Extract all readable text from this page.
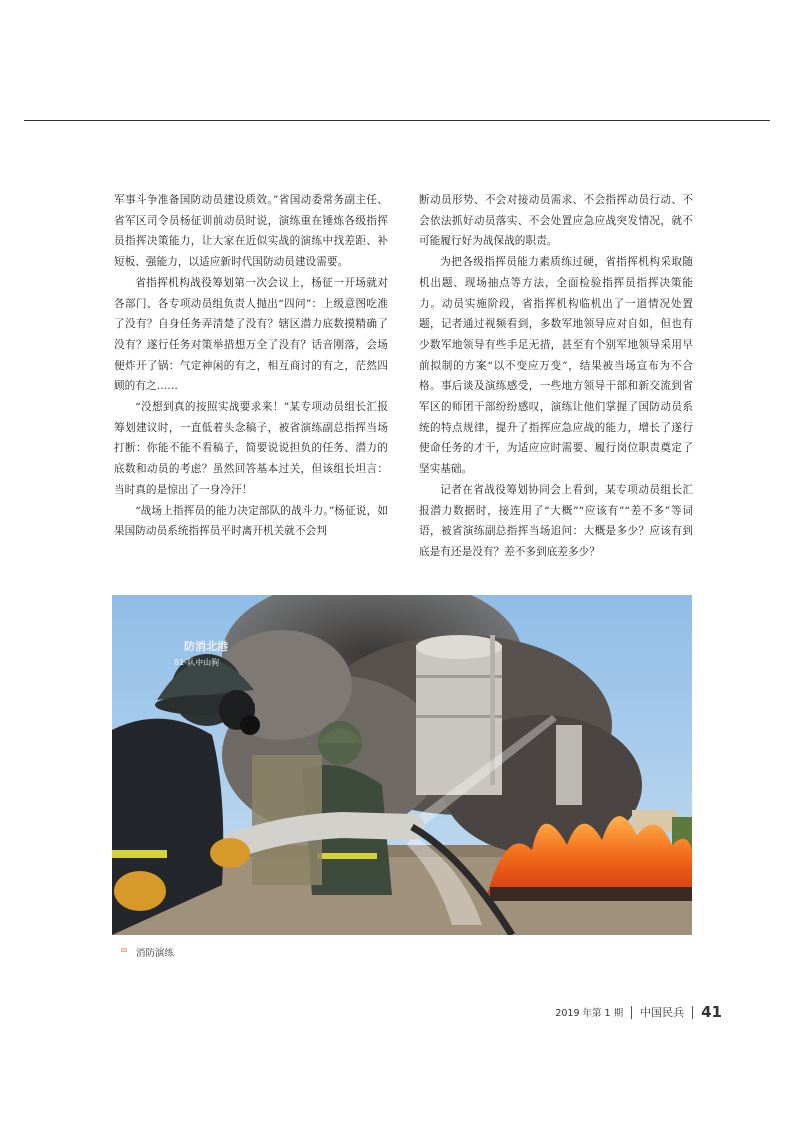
军事斗争准备国防动员建设质效。”省国动委常务副主任、省军区司令员杨征训前动员时说，演练重在锤炼各级指挥员指挥决策能力，让大家在近似实战的演练中找差距、补短板、强能力，以适应新时代国防动员建设需要。

省指挥机构战役筹划第一次会议上，杨征一开场就对各部门、各专项动员组负责人抛出“四问”：上级意图吃准了没有？自身任务弄清楚了没有？辖区潜力底数摸精确了没有？遂行任务对策举措想万全了没有？话音刚落，会场便炸开了锅：气定神闲的有之，相互商讨的有之，茫然四顾的有之……

“没想到真的按照实战要求来！”某专项动员组长汇报筹划建议时，一直低着头念稿子，被省演练副总指挥当场打断：你能不能不看稿子，简要说说担负的任务、潜力的底数和动员的考虑？虽然回答基本过关，但该组长坦言：当时真的是惊出了一身冷汗！

“战场上指挥员的能力决定部队的战斗力。”杨征说，如果国防动员系统指挥员平时离开机关就不会判

断动员形势、不会对接动员需求、不会指挥动员行动、不会依法抓好动员落实、不会处置应急应战突发情况，就不可能履行好为战保战的职责。

为把各级指挥员能力素质练过硬，省指挥机构采取随机出题、现场抽点等方法，全面检验指挥员指挥决策能力。动员实施阶段，省指挥机构临机出了一道情况处置题，记者通过视频看到，多数军地领导应对自如，但也有少数军地领导有些手足无措，甚至有个别军地领导采用早前拟制的方案“以不变应万变”，结果被当场宣布为不合格。事后谈及演练感受，一些地方领导干部和新交流到省军区的师团干部纷纷感叹，演练让他们掌握了国防动员系统的特点规律，提升了指挥应急应战的能力，增长了遂行使命任务的才干，为适应应时需要、履行岗位职责奠定了坚实基础。

记者在省战役筹划协同会上看到，某专项动员组长汇报潜力数据时，接连用了“大概”“应该有”“差不多”等词语，被省演练副总指挥当场追问：大概是多少？应该有到底是有还是没有？差不多到底差多少？

防消北港
81-队中山狗
⮹ 消防演练
2019 年第 1 期 中国民兵 41
